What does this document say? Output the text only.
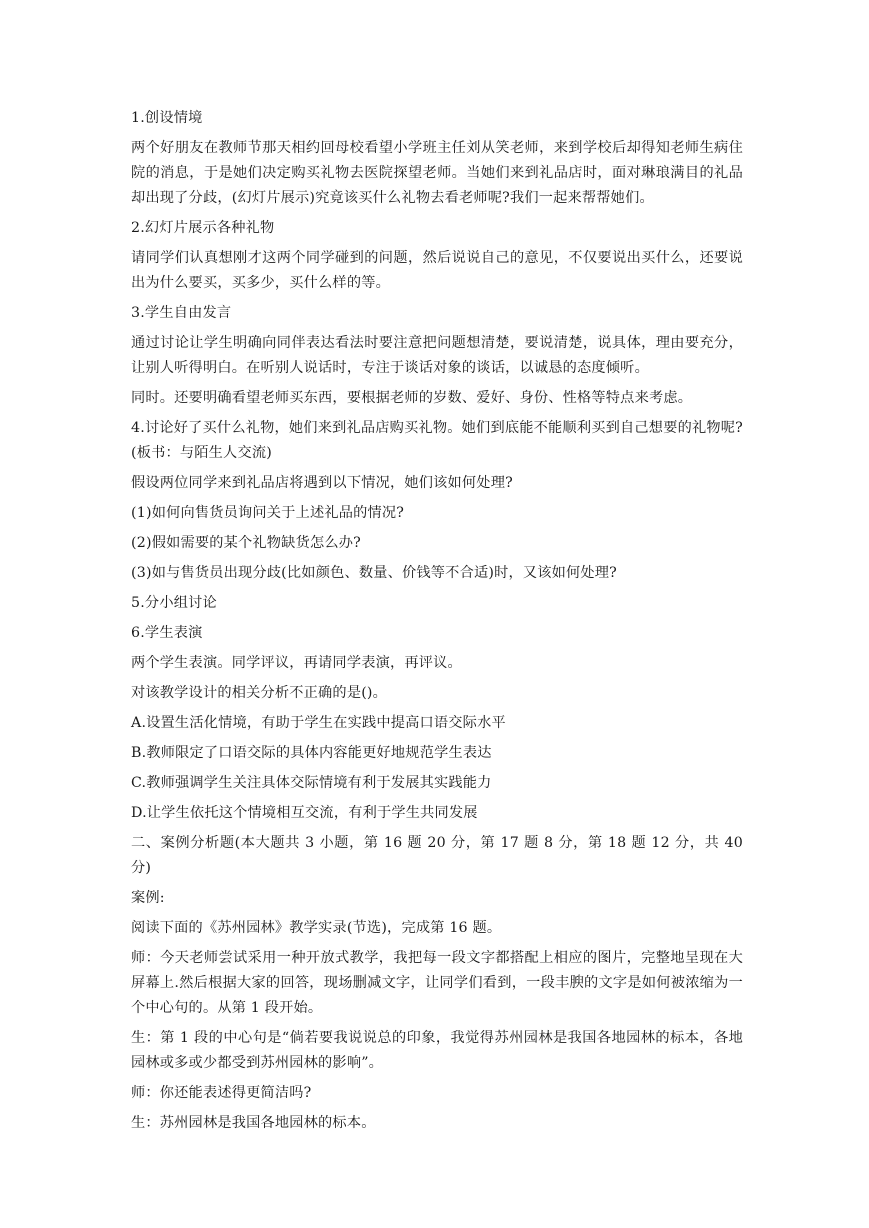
1.创设情境

两个好朋友在教师节那天相约回母校看望小学班主任刘从笑老师，来到学校后却得知老师生病住院的消息，于是她们决定购买礼物去医院探望老师。当她们来到礼品店时，面对琳琅满目的礼品却出现了分歧，(幻灯片展示)究竟该买什么礼物去看老师呢?我们一起来帮帮她们。

2.幻灯片展示各种礼物

请同学们认真想刚才这两个同学碰到的问题，然后说说自己的意见，不仅要说出买什么，还要说出为什么要买，买多少，买什么样的等。

3.学生自由发言

通过讨论让学生明确向同伴表达看法时要注意把问题想清楚，要说清楚，说具体，理由要充分，让别人听得明白。在听别人说话时，专注于谈话对象的谈话，以诚恳的态度倾听。

同时。还要明确看望老师买东西，要根据老师的岁数、爱好、身份、性格等特点来考虑。

4.讨论好了买什么礼物，她们来到礼品店购买礼物。她们到底能不能顺利买到自己想要的礼物呢?(板书：与陌生人交流)

假设两位同学来到礼品店将遇到以下情况，她们该如何处理?

(1)如何向售货员询问关于上述礼品的情况?

(2)假如需要的某个礼物缺货怎么办?

(3)如与售货员出现分歧(比如颜色、数量、价钱等不合适)时，又该如何处理?

5.分小组讨论

6.学生表演

两个学生表演。同学评议，再请同学表演，再评议。

对该教学设计的相关分析不正确的是()。

A.设置生活化情境，有助于学生在实践中提高口语交际水平

B.教师限定了口语交际的具体内容能更好地规范学生表达

C.教师强调学生关注具体交际情境有利于发展其实践能力

D.让学生依托这个情境相互交流，有利于学生共同发展

二、案例分析题(本大题共 3 小题，第 16 题 20 分，第 17 题 8 分，第 18 题 12 分，共 40 分)

案例:

阅读下面的《苏州园林》教学实录(节选)，完成第 16 题。

师：今天老师尝试采用一种开放式教学，我把每一段文字都搭配上相应的图片，完整地呈现在大屏幕上.然后根据大家的回答，现场删减文字，让同学们看到，一段丰腴的文字是如何被浓缩为一个中心句的。从第 1 段开始。

生：第 1 段的中心句是“倘若要我说说总的印象，我觉得苏州园林是我国各地园林的标本，各地园林或多或少都受到苏州园林的影响”。

师：你还能表述得更简洁吗?

生：苏州园林是我国各地园林的标本。
